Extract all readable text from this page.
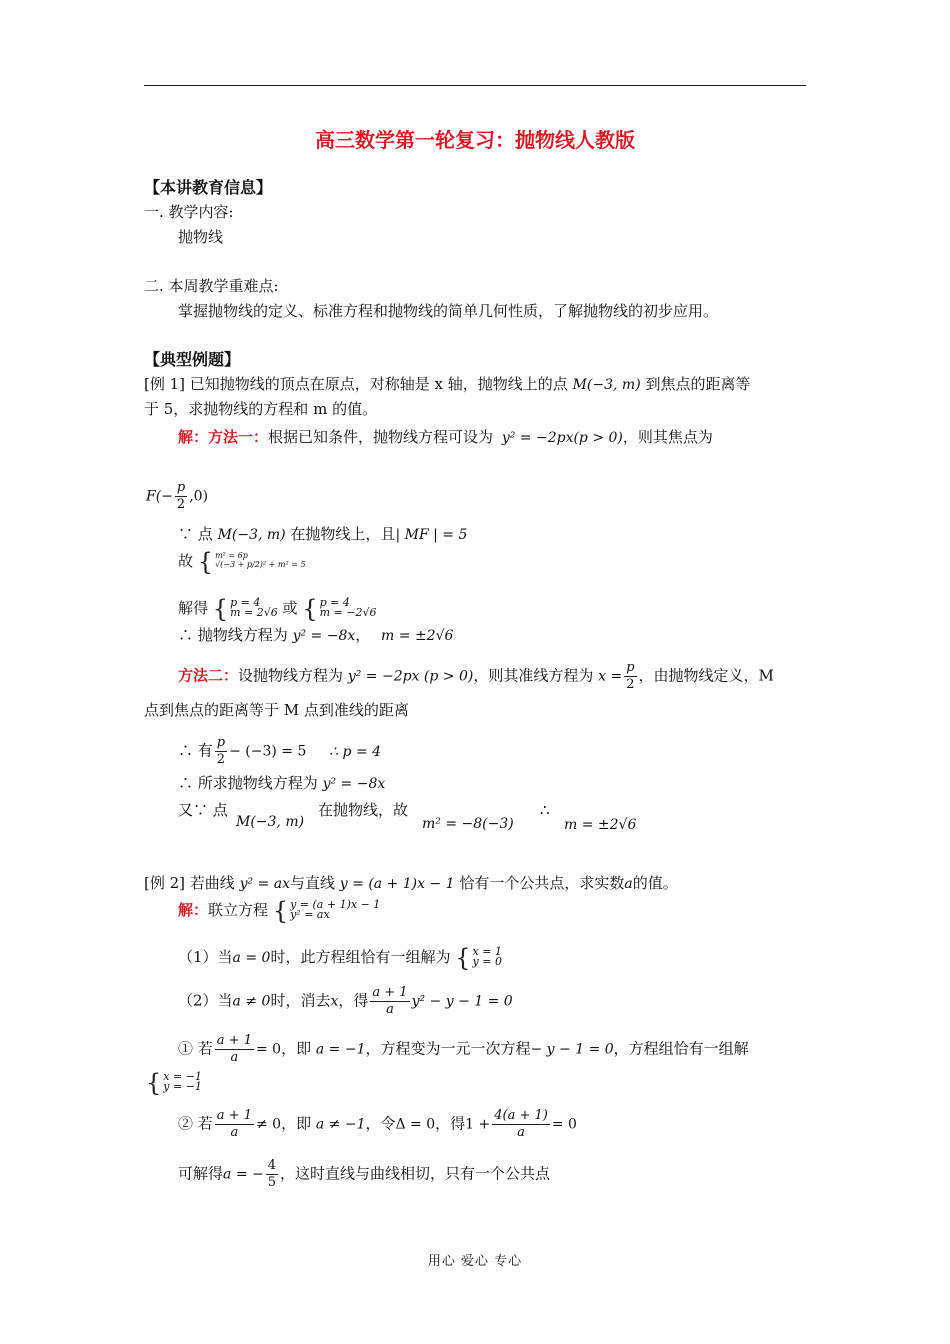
高三数学第一轮复习：抛物线人教版
【本讲教育信息】
一. 教学内容:
抛物线
二. 本周教学重难点:
掌握抛物线的定义、标准方程和抛物线的简单几何性质，了解抛物线的初步应用。
【典型例题】
[例 1] 已知抛物线的顶点在原点，对称轴是 x 轴，抛物线上的点 M(−3, m) 到焦点的距离等
于 5，求抛物线的方程和 m 的值。
解：方法一：根据已知条件，抛物线方程可设为 y² = −2px(p > 0)，则其焦点为
$F(- \frac{p}{2} ,0)$
∵ 点 M(−3, m) 在抛物线上，且| MF | = 5
故 { m² = 6p
√(−3 + p/2)² + m² = 5
解得 { p = 4
m = 2√6 或 { p = 4
m = −2√6
∴ 抛物线方程为 y² = −8x， m = ±2√6
方法二：设抛物线方程为 y² = −2px (p > 0)，则其准线方程为 $x = \frac{p}{2}$ ，由抛物线定义，M
点到焦点的距离等于 M 点到准线的距离
∴ 有 $\frac{p}{2} - (-3) = 5$ ∴ p = 4
∴ 所求抛物线方程为 y² = −8x
又∵ 点
M(−3, m)
在抛物线，故
m² = −8(−3)
∴
m = ±2√6
[例 2] 若曲线 y² = ax与直线 y = (a + 1)x − 1 恰有一个公共点，求实数a的值。
解：联立方程 { y = (a + 1)x − 1
y² = ax
（1）当a = 0时，此方程组恰有一组解为 { x = 1
y = 0
（2）当a ≠ 0时，消去x，得 $\frac{a + 1}{a} y^2 - y - 1 = 0$
① 若 $\frac{a + 1}{a} = 0$，即 a = −1，方程变为一元一次方程− y − 1 = 0，方程组恰有一组解
{ x = −1
y = −1
② 若 $\frac{a + 1}{a} \ne 0$，即 a ≠ −1，令Δ = 0，得$1 + \frac{4(a + 1)}{a} = 0$
可解得a = − $\frac{4}{5}$ ，这时直线与曲线相切，只有一个公共点
用心 爱心 专心
